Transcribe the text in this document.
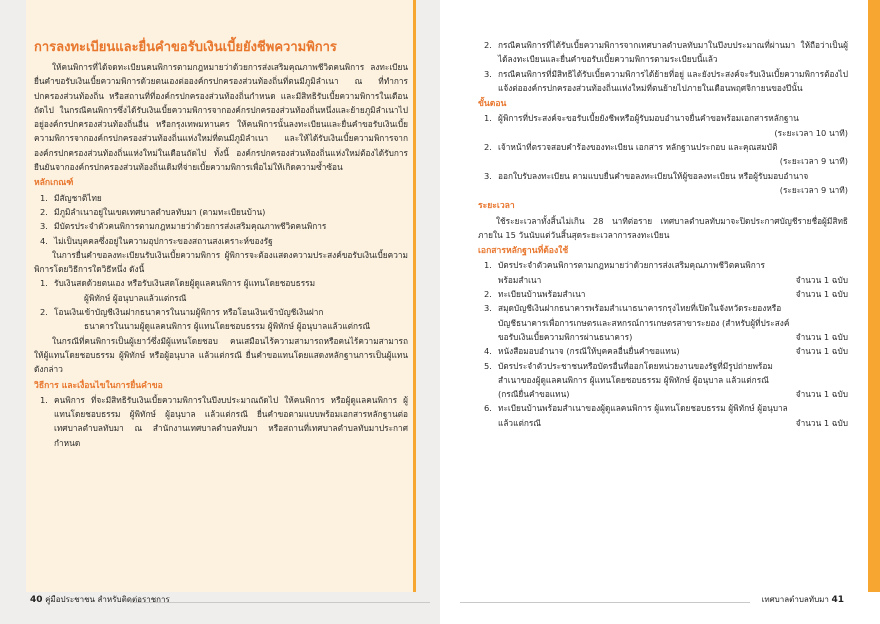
การลงทะเบียนและยื่นคำขอรับเงินเบี้ยยังชีพความพิการ

ให้คนพิการที่ได้จดทะเบียนคนพิการตามกฎหมายว่าด้วยการส่งเสริมคุณภาพชีวิตคนพิการ ลงทะเบียนยื่นคำขอรับเงินเบี้ยความพิการด้วยตนเองต่อองค์กรปกครองส่วนท้องถิ่นที่ตนมีภูมิลำเนา ณ ที่ทำการปกครองส่วนท้องถิ่น หรือสถานที่ที่องค์กรปกครองส่วนท้องถิ่นกำหนด และมีสิทธิรับเบี้ยความพิการในเดือนถัดไป ในกรณีคนพิการซึ่งได้รับเงินเบี้ยความพิการจากองค์กรปกครองส่วนท้องถิ่นหนึ่งและย้ายภูมิลำเนาไปอยู่องค์กรปกครองส่วนท้องถิ่นอื่น หรือกรุงเทพมหานคร ให้คนพิการนั้นลงทะเบียนและยื่นคำขอรับเงินเบี้ยความพิการจากองค์กรปกครองส่วนท้องถิ่นแห่งใหม่ที่ตนมีภูมิลำเนา และให้ได้รับเงินเบี้ยความพิการจากองค์กรปกครองส่วนท้องถิ่นแห่งใหม่ในเดือนถัดไป ทั้งนี้ องค์กรปกครองส่วนท้องถิ่นแห่งใหม่ต้องได้รับการยืนยันจากองค์กรปกครองส่วนท้องถิ่นเดิมที่จ่ายเบี้ยความพิการเพื่อไม่ให้เกิดความซ้ำซ้อน

หลักเกณฑ์
1. มีสัญชาติไทย
2. มีภูมิลำเนาอยู่ในเขตเทศบาลตำบลทับมา (ตามทะเบียนบ้าน)
3. มีบัตรประจำตัวคนพิการตามกฎหมายว่าด้วยการส่งเสริมคุณภาพชีวิตคนพิการ
4. ไม่เป็นบุคคลซึ่งอยู่ในความอุปการะของสถานสงเคราะห์ของรัฐ

ในการยื่นคำขอลงทะเบียนรับเงินเบี้ยความพิการ ผู้พิการจะต้องแสดงความประสงค์ขอรับเงินเบี้ยความพิการโดยวิธีการใดวิธีหนึ่ง ดังนี้

1. รับเงินสดด้วยตนเอง หรือรับเงินสดโดยผู้ดูแลคนพิการ ผู้แทนโดยชอบธรรม
ผู้พิทักษ์ ผู้อนุบาลแล้วแต่กรณี
2. โอนเงินเข้าบัญชีเงินฝากธนาคารในนามผู้พิการ หรือโอนเงินเข้าบัญชีเงินฝาก
ธนาคารในนามผู้ดูแลคนพิการ ผู้แทนโดยชอบธรรม ผู้พิทักษ์ ผู้อนุบาลแล้วแต่กรณี

ในกรณีที่คนพิการเป็นผู้เยาว์ซึ่งมีผู้แทนโดยชอบ คนเสมือนไร้ความสามารถหรือคนไร้ความสามารถ ให้ผู้แทนโดยชอบธรรม ผู้พิทักษ์ หรือผู้อนุบาล แล้วแต่กรณี ยื่นคำขอแทนโดยแสดงหลักฐานการเป็นผู้แทนดังกล่าว

วิธีการ และเงื่อนไขในการยื่นคำขอ
1. คนพิการ ที่จะมีสิทธิรับเงินเบี้ยความพิการในปีงบประมาณถัดไป ให้คนพิการ หรือผู้ดูแลคนพิการ ผู้แทนโดยชอบธรรม ผู้พิทักษ์ ผู้อนุบาล แล้วแต่กรณี ยื่นคำขอตามแบบพร้อมเอกสารหลักฐานต่อเทศบาลตำบลทับมา ณ สำนักงานเทศบาลตำบลทับมา หรือสถานที่เทศบาลตำบลทับมาประกาศกำหนด

2. กรณีคนพิการที่ได้รับเบี้ยความพิการจากเทศบาลตำบลทับมาในปีงบประมาณที่ผ่านมา ให้ถือว่าเป็นผู้ได้ลงทะเบียนและยื่นคำขอรับเบี้ยความพิการตามระเบียบนี้แล้ว

3. กรณีคนพิการที่มีสิทธิได้รับเบี้ยความพิการได้ย้ายที่อยู่ และยังประสงค์จะรับเงินเบี้ยความพิการต้องไปแจ้งต่อองค์กรปกครองส่วนท้องถิ่นแห่งใหม่ที่ตนย้ายไปภายในเดือนพฤศจิกายนของปีนั้น

ขั้นตอน
1. ผู้พิการที่ประสงค์จะขอรับเบี้ยยังชีพหรือผู้รับมอบอำนาจยื่นคำขอพร้อมเอกสารหลักฐาน

(ระยะเวลา 10 นาที)
2. เจ้าหน้าที่ตรวจสอบคำร้องของทะเบียน เอกสาร หลักฐานประกอบ และคุณสมบัติ

(ระยะเวลา 9 นาที)
3. ออกใบรับลงทะเบียน ตามแบบยื่นคำขอลงทะเบียนให้ผู้ขอลงทะเบียน หรือผู้รับมอบอำนาจ

(ระยะเวลา 9 นาที)
ระยะเวลา

ใช้ระยะเวลาทั้งสิ้นไม่เกิน 28 นาทีต่อราย เทศบาลตำบลทับมาจะปิดประกาศบัญชีรายชื่อผู้มีสิทธิภายใน 15 วันนับแต่วันสิ้นสุดระยะเวลาการลงทะเบียน

เอกสารหลักฐานที่ต้องใช้
1. บัตรประจำตัวคนพิการตามกฎหมายว่าด้วยการส่งเสริมคุณภาพชีวิตคนพิการ
พร้อมสำเนา	จำนวน 1 ฉบับ
2. ทะเบียนบ้านพร้อมสำเนา	จำนวน 1 ฉบับ
3. สมุดบัญชีเงินฝากธนาคารพร้อมสำเนาธนาคารกรุงไทยที่เปิดในจังหวัดระยองหรือ
บัญชีธนาคารเพื่อการเกษตรและสหกรณ์การเกษตรสาขาระยอง (สำหรับผู้ที่ประสงค์
ขอรับเงินเบี้ยความพิการผ่านธนาคาร)	จำนวน 1 ฉบับ
4. หนังสือมอบอำนาจ (กรณีให้บุคคลอื่นยื่นคำขอแทน)	จำนวน 1 ฉบับ
5. บัตรประจำตัวประชาชนหรือบัตรอื่นที่ออกโดยหน่วยงานของรัฐที่มีรูปถ่ายพร้อม
สำเนาของผู้ดูแลคนพิการ ผู้แทนโดยชอบธรรม ผู้พิทักษ์ ผู้อนุบาล แล้วแต่กรณี
(กรณียื่นคำขอแทน)	จำนวน 1 ฉบับ
6. ทะเบียนบ้านพร้อมสำเนาของผู้ดูแลคนพิการ ผู้แทนโดยชอบธรรม ผู้พิทักษ์ ผู้อนุบาล
แล้วแต่กรณี	จำนวน 1 ฉบับ
40 คู่มือประชาชน สำหรับติดต่อราชการ	เทศบาลตำบลทับมา 41
